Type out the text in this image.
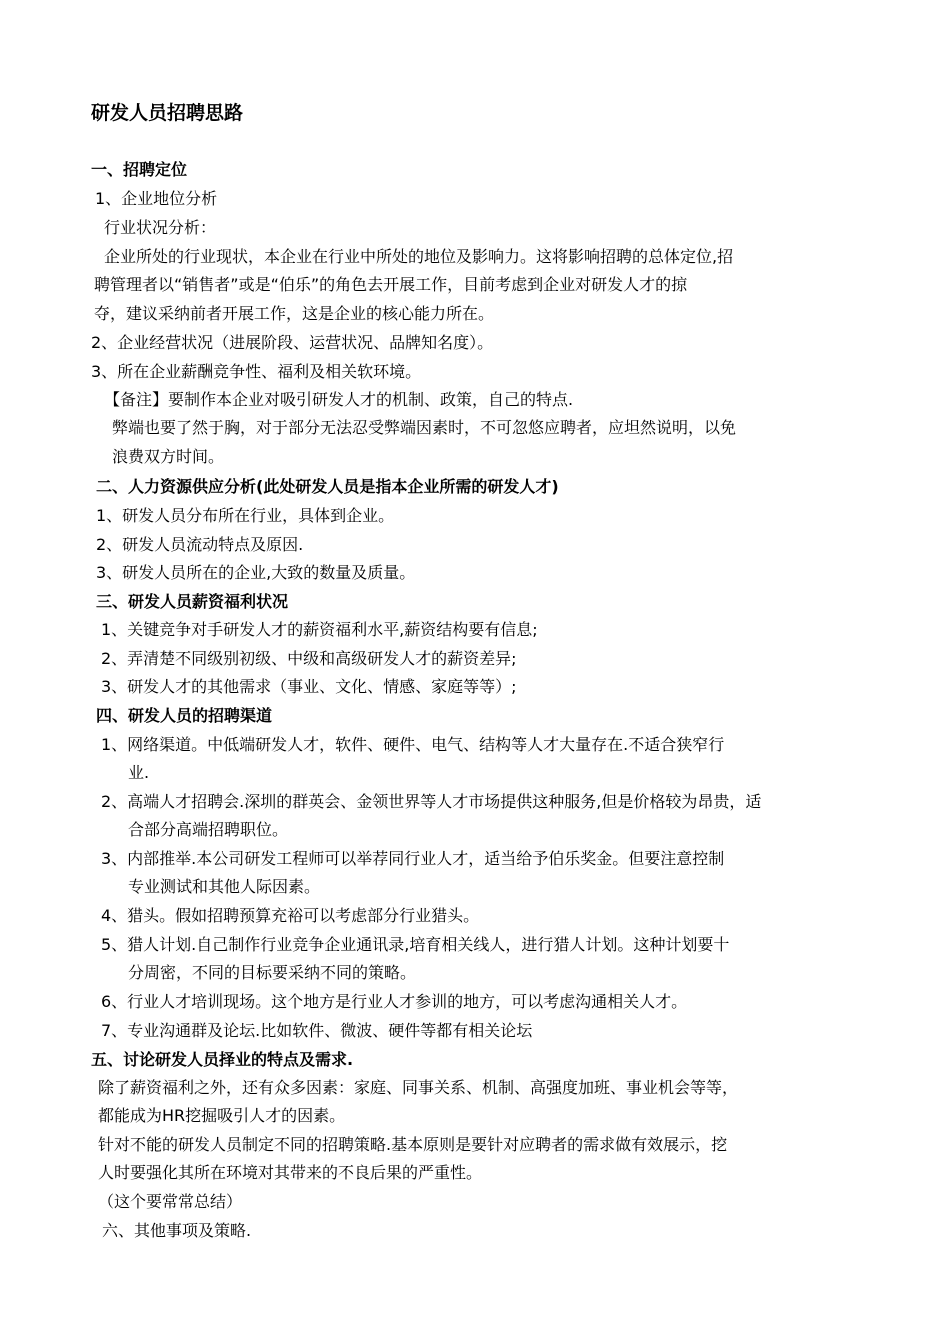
研发人员招聘思路
一、招聘定位
1、企业地位分析
行业状况分析：
企业所处的行业现状，本企业在行业中所处的地位及影响力。这将影响招聘的总体定位,招
聘管理者以“销售者”或是“伯乐”的角色去开展工作，目前考虑到企业对研发人才的掠
夺，建议采纳前者开展工作，这是企业的核心能力所在。
2、企业经营状况（进展阶段、运营状况、品牌知名度）。
3、所在企业薪酬竞争性、福利及相关软环境。
【备注】要制作本企业对吸引研发人才的机制、政策，自己的特点.
弊端也要了然于胸，对于部分无法忍受弊端因素时，不可忽悠应聘者，应坦然说明，以免
浪费双方时间。
二、人力资源供应分析(此处研发人员是指本企业所需的研发人才)
1、研发人员分布所在行业，具体到企业。
2、研发人员流动特点及原因.
3、研发人员所在的企业,大致的数量及质量。
三、研发人员薪资福利状况
1、关键竞争对手研发人才的薪资福利水平,薪资结构要有信息;
2、弄清楚不同级别初级、中级和高级研发人才的薪资差异;
3、研发人才的其他需求（事业、文化、情感、家庭等等）;
四、研发人员的招聘渠道
1、网络渠道。中低端研发人才，软件、硬件、电气、结构等人才大量存在.不适合狭窄行
业.
2、高端人才招聘会.深圳的群英会、金领世界等人才市场提供这种服务,但是价格较为昂贵，适
合部分高端招聘职位。
3、内部推举.本公司研发工程师可以举荐同行业人才，适当给予伯乐奖金。但要注意控制
专业测试和其他人际因素。
4、猎头。假如招聘预算充裕可以考虑部分行业猎头。
5、猎人计划.自己制作行业竞争企业通讯录,培育相关线人，进行猎人计划。这种计划要十
分周密，不同的目标要采纳不同的策略。
6、行业人才培训现场。这个地方是行业人才参训的地方，可以考虑沟通相关人才。
7、专业沟通群及论坛.比如软件、微波、硬件等都有相关论坛
五、讨论研发人员择业的特点及需求.
除了薪资福利之外，还有众多因素：家庭、同事关系、机制、高强度加班、事业机会等等，
都能成为HR挖掘吸引人才的因素。
针对不能的研发人员制定不同的招聘策略.基本原则是要针对应聘者的需求做有效展示，挖
人时要强化其所在环境对其带来的不良后果的严重性。
（这个要常常总结）
六、其他事项及策略.
